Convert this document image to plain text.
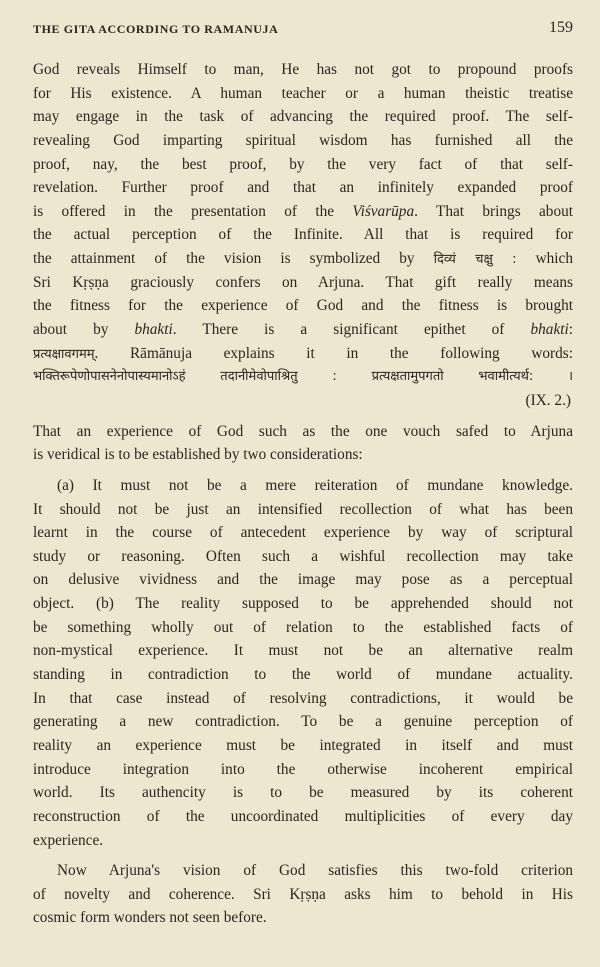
THE GITA ACCORDING TO RAMANUJA	159
God reveals Himself to man, He has not got to propound proofs
for His existence. A human teacher or a human theistic treatise
may engage in the task of advancing the required proof. The self-
revealing God imparting spiritual wisdom has furnished all the
proof, nay, the best proof, by the very fact of that self-
revelation. Further proof and that an infinitely expanded proof
is offered in the presentation of the Viśvarūpa. That brings about
the actual perception of the Infinite. All that is required for
the attainment of the vision is symbolized by दिव्यं चक्षु : which
Sri Kṛṣṇa graciously confers on Arjuna. That gift really means
the fitness for the experience of God and the fitness is brought
about by bhakti. There is a significant epithet of bhakti:
प्रत्यक्षावगमम्. Rāmānuja explains it in the following words:
भक्तिरूपेणोपासनेनोपास्यमानोऽहं तदानीमेवोपाश्रितु : प्रत्यक्षतामुपगतो भवामीत्यर्थ: ।
(IX. 2.)
That an experience of God such as the one vouch safed to Arjuna
is veridical is to be established by two considerations:
(a) It must not be a mere reiteration of mundane knowledge.
It should not be just an intensified recollection of what has been
learnt in the course of antecedent experience by way of scriptural
study or reasoning. Often such a wishful recollection may take
on delusive vividness and the image may pose as a perceptual
object. (b) The reality supposed to be apprehended should not
be something wholly out of relation to the established facts of
non-mystical experience. It must not be an alternative realm
standing in contradiction to the world of mundane actuality.
In that case instead of resolving contradictions, it would be
generating a new contradiction. To be a genuine perception of
reality an experience must be integrated in itself and must
introduce integration into the otherwise incoherent empirical
world. Its authencity is to be measured by its coherent
reconstruction of the uncoordinated multiplicities of every day
experience.
Now Arjuna's vision of God satisfies this two-fold criterion
of novelty and coherence. Sri Kṛṣṇa asks him to behold in His
cosmic form wonders not seen before.
